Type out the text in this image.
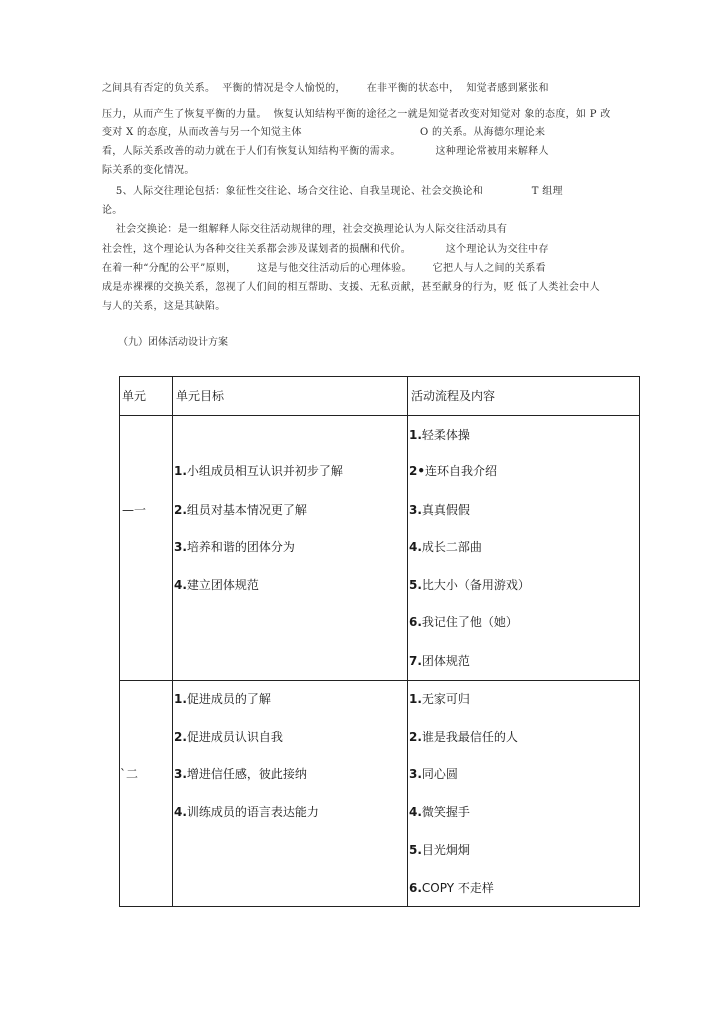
之间具有否定的负关系。  平衡的情况是令人愉悦的，      在非平衡的状态中，  知觉者感到紧张和
压力，从而产生了恢复平衡的力量。  恢复认知结构平衡的途径之一就是知觉者改变对知觉对 象的态度，如 P 改
变对 X 的态度，从而改善与另一个知觉主体                                  O 的关系。从海德尔理论来
看，人际关系改善的动力就在于人们有恢复认知结构平衡的需求。          这种理论常被用来解释人
际关系的变化情况。
5、人际交往理论包括：象征性交往论、场合交往论、自我呈现论、社会交换论和              T 组理
论。
社会交换论：是一组解释人际交往活动规律的理，社会交换理论认为人际交往活动具有
社会性，这个理论认为各种交往关系都会涉及谋划者的损酬和代价。          这个理论认为交往中存
在着一种“分配的公平”原则，      这是与他交往活动后的心理体验。      它把人与人之间的关系看
成是赤裸裸的交换关系，忽视了人们间的相互帮助、支援、无私贡献，甚至献身的行为，贬 低了人类社会中人
与人的关系，这是其缺陷。
（九）团体活动设计方案
单元 单元目标	活动流程及内容
—一
1.小组成员相互认识并初步了解
2.组员对基本情况更了解
3.培养和谐的团体分为
4.建立团体规范
1.轻柔体操
2•连环自我介绍
3.真真假假
4.成长二部曲
5.比大小（备用游戏）
6.我记住了他（她）
7.团体规范
`二
1.促进成员的了解
2.促进成员认识自我
3.增进信任感，彼此接纳
4.训练成员的语言表达能力
1.无家可归
2.谁是我最信任的人
3.同心圆
4.微笑握手
5.目光炯炯
6.COPY 不走样
